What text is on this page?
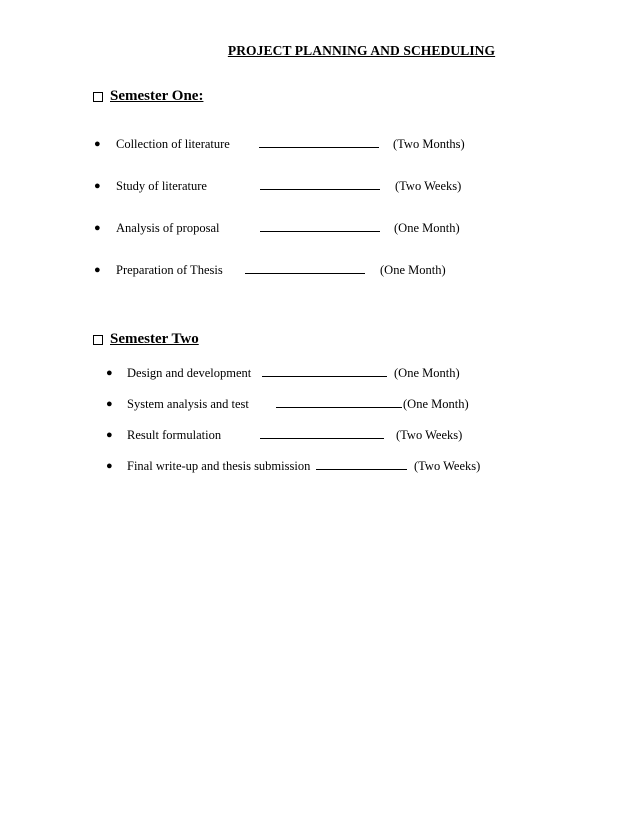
PROJECT PLANNING AND SCHEDULING
Semester One:
● Collection of literature	(Two Months)
● Study of literature	(Two Weeks)
● Analysis of proposal	(One Month)
● Preparation of Thesis	(One Month)
Semester Two
● Design and development	(One Month)
● System analysis and test	(One Month)
● Result formulation	(Two Weeks)
● Final write-up and thesis submission	(Two Weeks)
